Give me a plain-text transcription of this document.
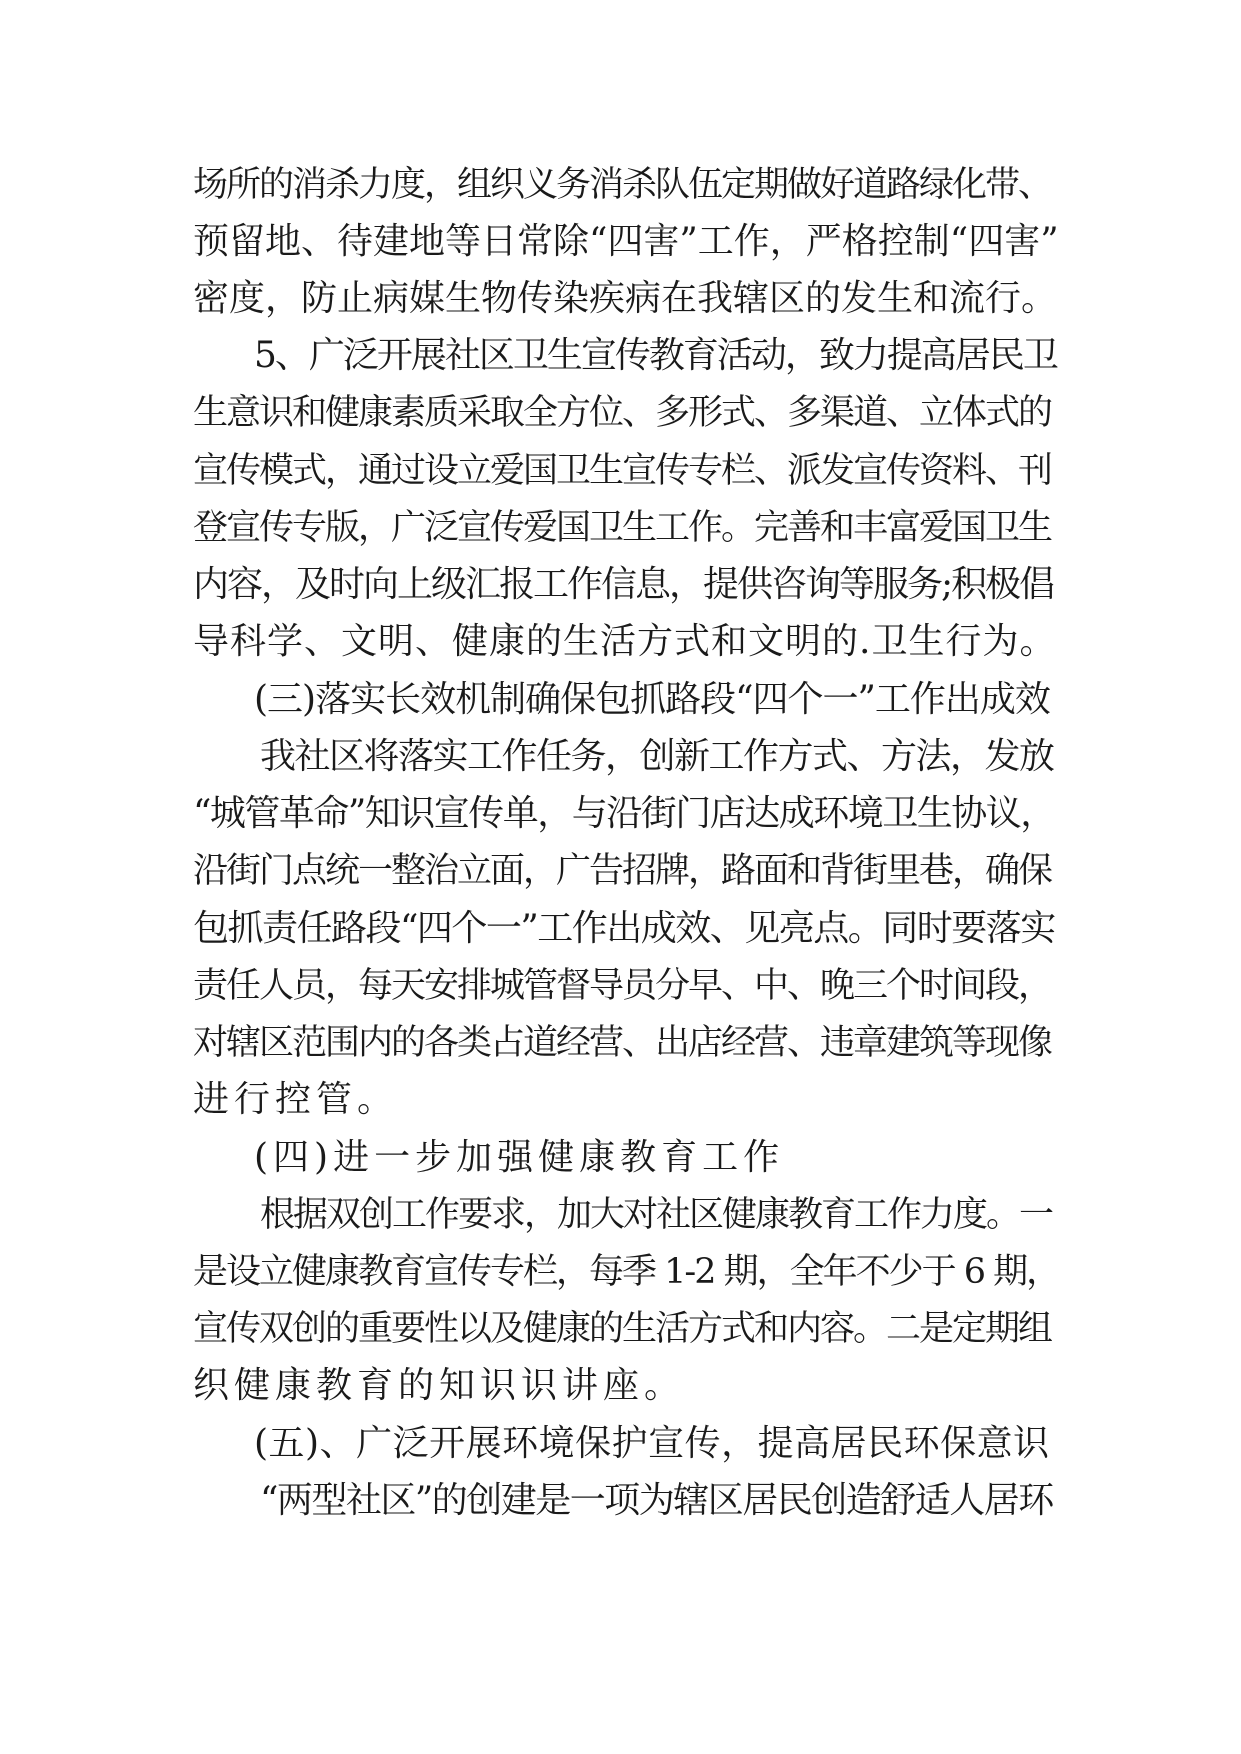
场所的消杀力度，组织义务消杀队伍定期做好道路绿化带、
预留地、待建地等日常除“四害”工作，严格控制“四害”
密度，防止病媒生物传染疾病在我辖区的发生和流行。
5、广泛开展社区卫生宣传教育活动，致力提高居民卫
生意识和健康素质采取全方位、多形式、多渠道、立体式的
宣传模式，通过设立爱国卫生宣传专栏、派发宣传资料、刊
登宣传专版，广泛宣传爱国卫生工作。完善和丰富爱国卫生
内容，及时向上级汇报工作信息，提供咨询等服务;积极倡
导科学、文明、健康的生活方式和文明的.卫生行为。
(三)落实长效机制确保包抓路段“四个一”工作出成效
我社区将落实工作任务，创新工作方式、方法，发放
“城管革命”知识宣传单，与沿街门店达成环境卫生协议，
沿街门点统一整治立面，广告招牌，路面和背街里巷，确保
包抓责任路段“四个一”工作出成效、见亮点。同时要落实
责任人员，每天安排城管督导员分早、中、晚三个时间段，
对辖区范围内的各类占道经营、出店经营、违章建筑等现像
进行控管。
(四)进一步加强健康教育工作
根据双创工作要求，加大对社区健康教育工作力度。一
是设立健康教育宣传专栏，每季 1-2 期，全年不少于 6 期，
宣传双创的重要性以及健康的生活方式和内容。二是定期组
织健康教育的知识识讲座。
(五)、广泛开展环境保护宣传，提高居民环保意识
“两型社区”的创建是一项为辖区居民创造舒适人居环
